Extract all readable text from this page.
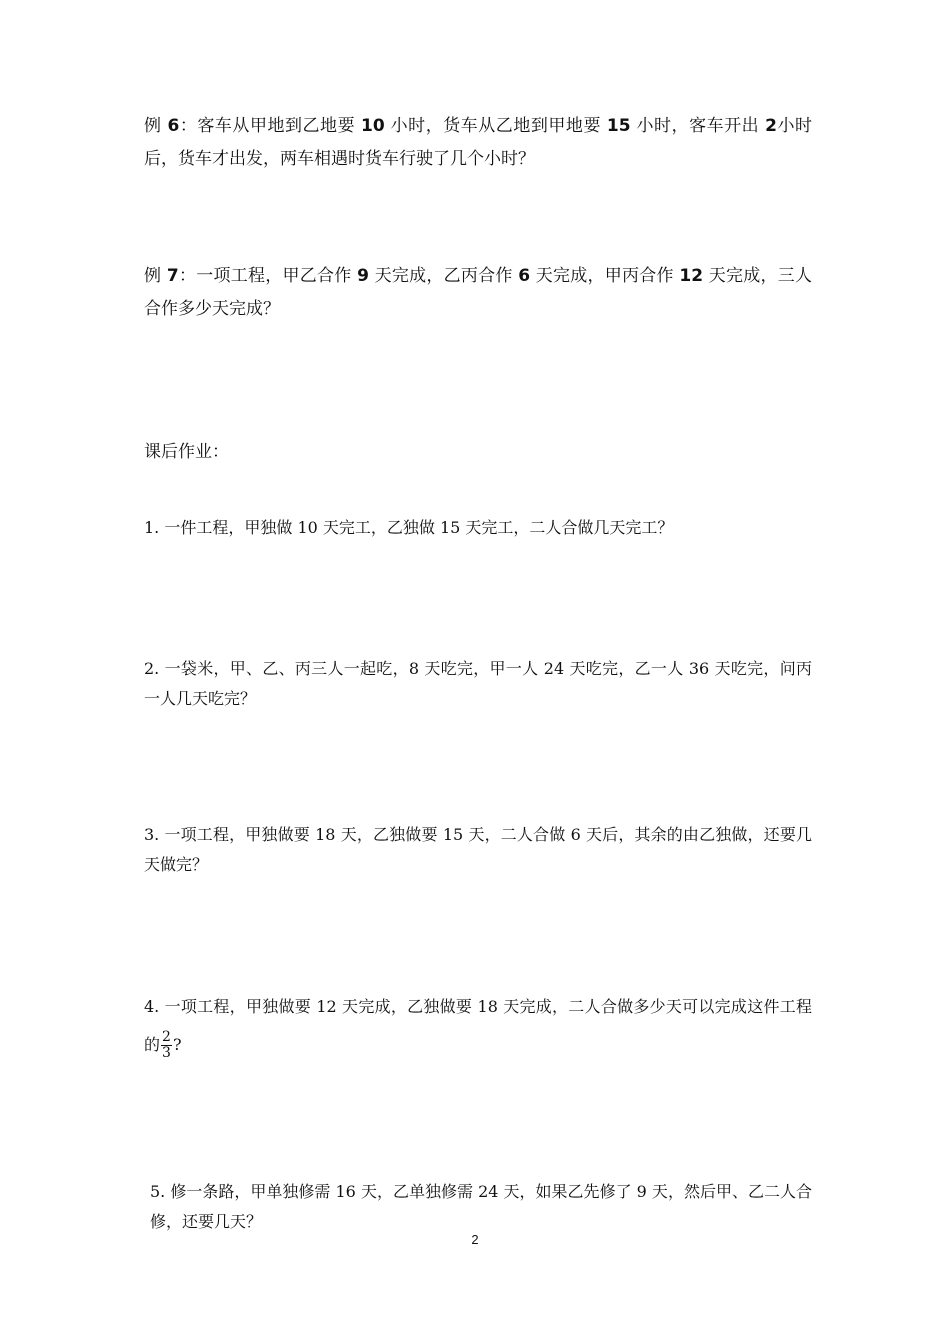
例 6：客车从甲地到乙地要 10 小时，货车从乙地到甲地要 15 小时，客车开出 2小时后，货车才出发，两车相遇时货车行驶了几个小时？
例 7：一项工程，甲乙合作 9 天完成，乙丙合作 6 天完成，甲丙合作 12 天完成，三人合作多少天完成？
课后作业：
1. 一件工程，甲独做 10 天完工，乙独做 15 天完工，二人合做几天完工？
2. 一袋米，甲、乙、丙三人一起吃，8 天吃完，甲一人 24 天吃完，乙一人 36 天吃完，问丙一人几天吃完？
3. 一项工程，甲独做要 18 天，乙独做要 15 天，二人合做 6 天后，其余的由乙独做，还要几天做完？
4. 一项工程，甲独做要 12 天完成，乙独做要 18 天完成，二人合做多少天可以完成这件工程的 $\frac{2}{3}$ ?
5. 修一条路，甲单独修需 16 天，乙单独修需 24 天，如果乙先修了 9 天，然后甲、乙二人合修，还要几天？
2
